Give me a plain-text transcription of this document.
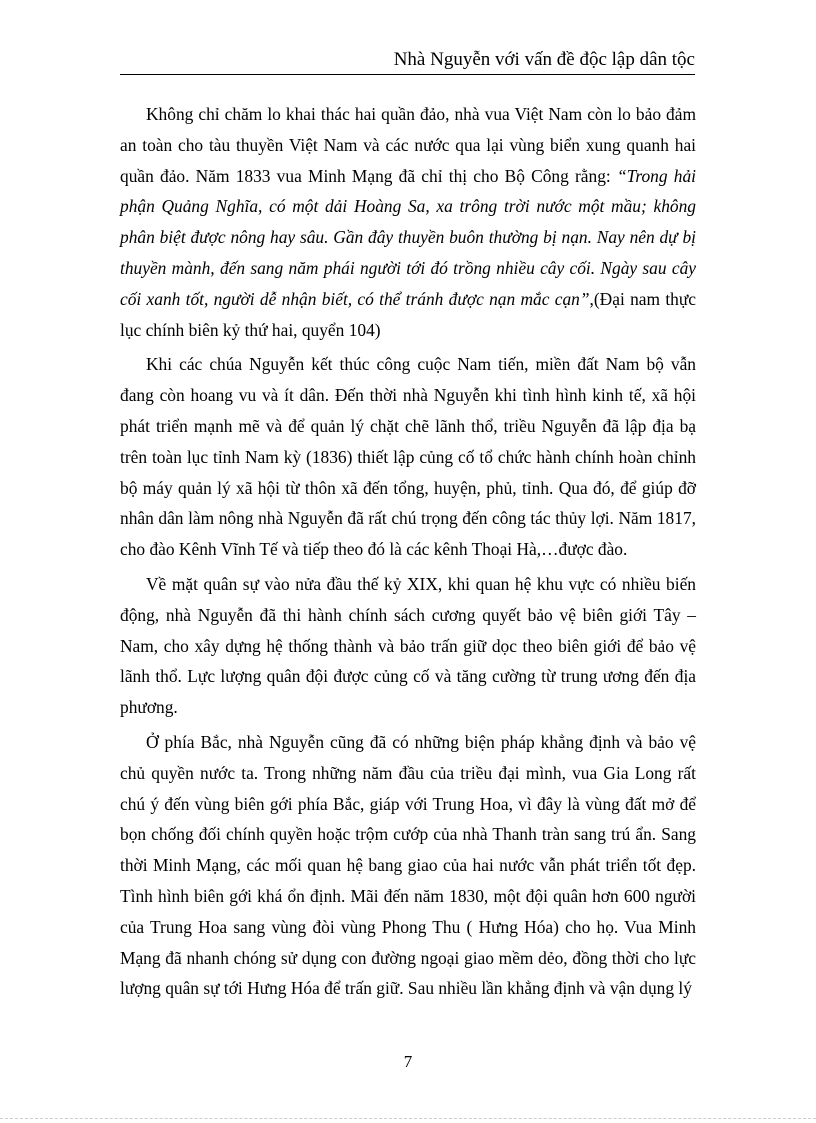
Nhà Nguyễn với vấn đề độc lập dân tộc

Không chỉ chăm lo khai thác hai quần đảo, nhà vua Việt Nam còn lo bảo đảm an toàn cho tàu thuyền Việt Nam và các nước qua lại vùng biển xung quanh hai quần đảo. Năm 1833 vua Minh Mạng đã chỉ thị cho Bộ Công rằng: “Trong hải phận Quảng Nghĩa, có một dải Hoàng Sa, xa trông trời nước một mầu; không phân biệt được nông hay sâu. Gần đây thuyền buôn thường bị nạn. Nay nên dự bị thuyền mành, đến sang năm phái người tới đó trồng nhiều cây cối. Ngày sau cây cối xanh tốt, người dễ nhận biết, có thể tránh được nạn mắc cạn”,(Đại nam thực lục chính biên kỷ thứ hai, quyển 104)

Khi các chúa Nguyễn kết thúc công cuộc Nam tiến, miền đất Nam bộ vẫn đang còn hoang vu và ít dân. Đến thời nhà Nguyễn khi tình hình kinh tế, xã hội phát triển mạnh mẽ và để quản lý chặt chẽ lãnh thổ, triều Nguyễn đã lập địa bạ trên toàn lục tỉnh Nam kỳ (1836) thiết lập củng cố tổ chức hành chính hoàn chỉnh bộ máy quản lý xã hội từ thôn xã đến tổng, huyện, phủ, tỉnh. Qua đó, để giúp đỡ nhân dân làm nông nhà Nguyễn đã rất chú trọng đến công tác thủy lợi. Năm 1817, cho đào Kênh Vĩnh Tế và tiếp theo đó là các kênh Thoại Hà,…được đào.

Về mặt quân sự vào nửa đầu thế kỷ XIX, khi quan hệ khu vực có nhiều biến động, nhà Nguyễn đã thi hành chính sách cương quyết bảo vệ biên giới Tây – Nam, cho xây dựng hệ thống thành và bảo trấn giữ dọc theo biên giới để bảo vệ lãnh thổ. Lực lượng quân đội được củng cố và tăng cường từ trung ương đến địa phương.

Ở phía Bắc, nhà Nguyễn cũng đã có những biện pháp khẳng định và bảo vệ chủ quyền nước ta. Trong những năm đầu của triều đại mình, vua Gia Long rất chú ý đến vùng biên gới phía Bắc, giáp với Trung Hoa, vì đây là vùng đất mở để bọn chống đối chính quyền hoặc trộm cướp của nhà Thanh tràn sang trú ẩn. Sang thời Minh Mạng, các mối quan hệ bang giao của hai nước vẫn phát triển tốt đẹp. Tình hình biên gới khá ổn định. Mãi đến năm 1830, một đội quân hơn 600 người của Trung Hoa sang vùng đòi vùng Phong Thu ( Hưng Hóa) cho họ. Vua Minh Mạng đã nhanh chóng sử dụng con đường ngoại giao mềm dẻo, đồng thời cho lực lượng quân sự tới Hưng Hóa để trấn giữ. Sau nhiều lần khẳng định và vận dụng lý

7
